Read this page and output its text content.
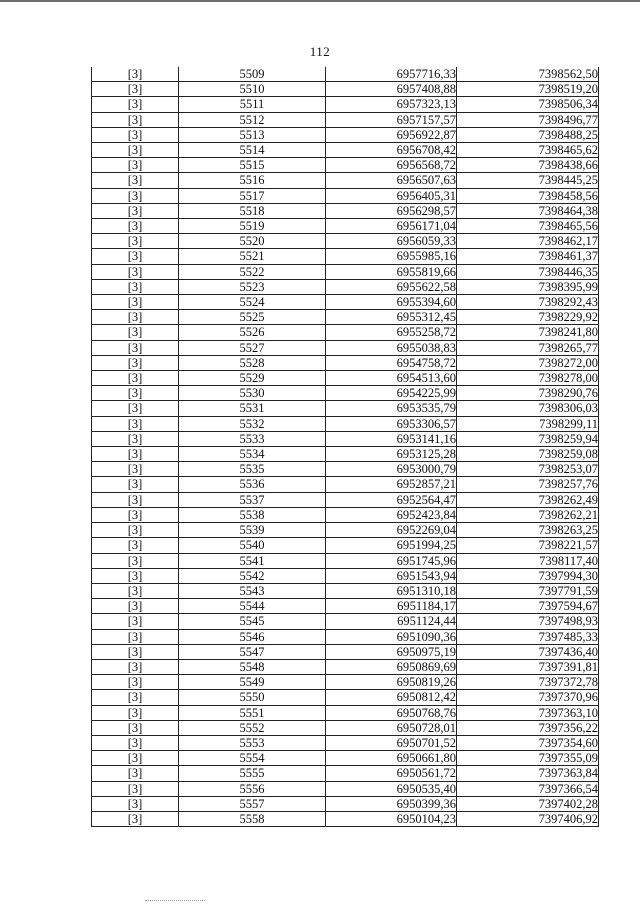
112
[3]	5509	6957716,33	7398562,50
[3]	5510	6957408,88	7398519,20
[3]	5511	6957323,13	7398506,34
[3]	5512	6957157,57	7398496,77
[3]	5513	6956922,87	7398488,25
[3]	5514	6956708,42	7398465,62
[3]	5515	6956568,72	7398438,66
[3]	5516	6956507,63	7398445,25
[3]	5517	6956405,31	7398458,56
[3]	5518	6956298,57	7398464,38
[3]	5519	6956171,04	7398465,56
[3]	5520	6956059,33	7398462,17
[3]	5521	6955985,16	7398461,37
[3]	5522	6955819,66	7398446,35
[3]	5523	6955622,58	7398395,99
[3]	5524	6955394,60	7398292,43
[3]	5525	6955312,45	7398229,92
[3]	5526	6955258,72	7398241,80
[3]	5527	6955038,83	7398265,77
[3]	5528	6954758,72	7398272,00
[3]	5529	6954513,60	7398278,00
[3]	5530	6954225,99	7398290,76
[3]	5531	6953535,79	7398306,03
[3]	5532	6953306,57	7398299,11
[3]	5533	6953141,16	7398259,94
[3]	5534	6953125,28	7398259,08
[3]	5535	6953000,79	7398253,07
[3]	5536	6952857,21	7398257,76
[3]	5537	6952564,47	7398262,49
[3]	5538	6952423,84	7398262,21
[3]	5539	6952269,04	7398263,25
[3]	5540	6951994,25	7398221,57
[3]	5541	6951745,96	7398117,40
[3]	5542	6951543,94	7397994,30
[3]	5543	6951310,18	7397791,59
[3]	5544	6951184,17	7397594,67
[3]	5545	6951124,44	7397498,93
[3]	5546	6951090,36	7397485,33
[3]	5547	6950975,19	7397436,40
[3]	5548	6950869,69	7397391,81
[3]	5549	6950819,26	7397372,78
[3]	5550	6950812,42	7397370,96
[3]	5551	6950768,76	7397363,10
[3]	5552	6950728,01	7397356,22
[3]	5553	6950701,52	7397354,60
[3]	5554	6950661,80	7397355,09
[3]	5555	6950561,72	7397363,84
[3]	5556	6950535,40	7397366,54
[3]	5557	6950399,36	7397402,28
[3]	5558	6950104,23	7397406,92
